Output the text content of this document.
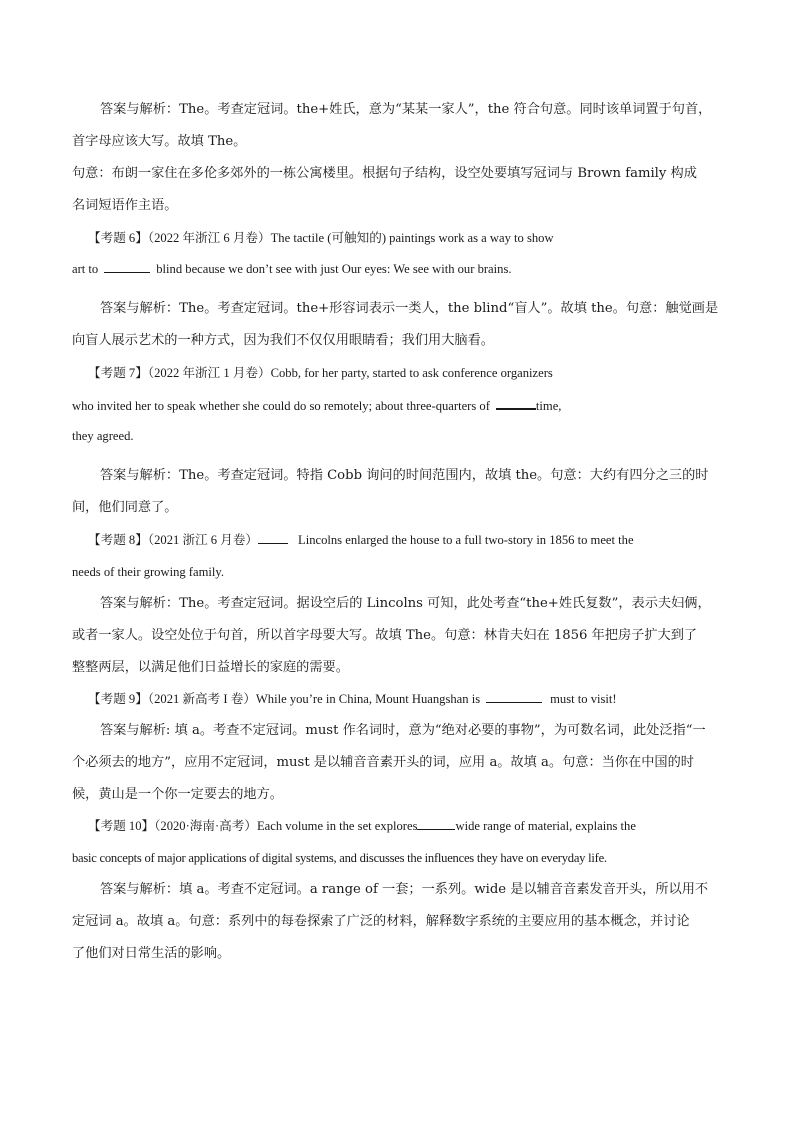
答案与解析：The。考查定冠词。the+姓氏，意为“某某一家人”，the 符合句意。同时该单词置于句首，
首字母应该大写。故填 The。
句意：布朗一家住在多伦多郊外的一栋公寓楼里。根据句子结构，设空处要填写冠词与 Brown family 构成
名词短语作主语。
【考题 6】（2022 年浙江 6 月卷）The tactile (可触知的) paintings work as a way to show
art to	blind because we don’t see with just Our eyes: We see with our brains.
答案与解析：The。考查定冠词。the+形容词表示一类人，the blind“盲人”。故填 the。句意：触觉画是
向盲人展示艺术的一种方式，因为我们不仅仅用眼睛看；我们用大脑看。
【考题 7】（2022 年浙江 1 月卷）Cobb, for her party, started to ask conference organizers
who invited her to speak whether she could do so remotely; about three-quarters of	time,
they agreed.
答案与解析：The。考查定冠词。特指 Cobb 询问的时间范围内，故填 the。句意：大约有四分之三的时
间，他们同意了。
【考题 8】（2021 浙江 6 月卷）	Lincolns enlarged the house to a full two-story in 1856 to meet the
needs of their growing family.
答案与解析：The。考查定冠词。据设空后的 Lincolns 可知，此处考查“the+姓氏复数”，表示夫妇俩，
或者一家人。设空处位于句首，所以首字母要大写。故填 The。句意：林肯夫妇在 1856 年把房子扩大到了
整整两层，以满足他们日益增长的家庭的需要。
【考题 9】（2021 新高考 I 卷）While you’re in China, Mount Huangshan is	must to visit!
答案与解析: 填 a。考查不定冠词。must 作名词时，意为“绝对必要的事物”，为可数名词，此处泛指“一
个必须去的地方”，应用不定冠词，must 是以辅音音素开头的词，应用 a。故填 a。句意：当你在中国的时
候，黄山是一个你一定要去的地方。
【考题 10】（2020·海南·高考）Each volume in the set explores	wide range of material, explains the
basic concepts of major applications of digital systems, and discusses the influences they have on everyday life.
答案与解析：填 a。考查不定冠词。a range of 一套；一系列。wide 是以辅音音素发音开头，所以用不
定冠词 a。故填 a。句意：系列中的每卷探索了广泛的材料，解释数字系统的主要应用的基本概念，并讨论
了他们对日常生活的影响。
